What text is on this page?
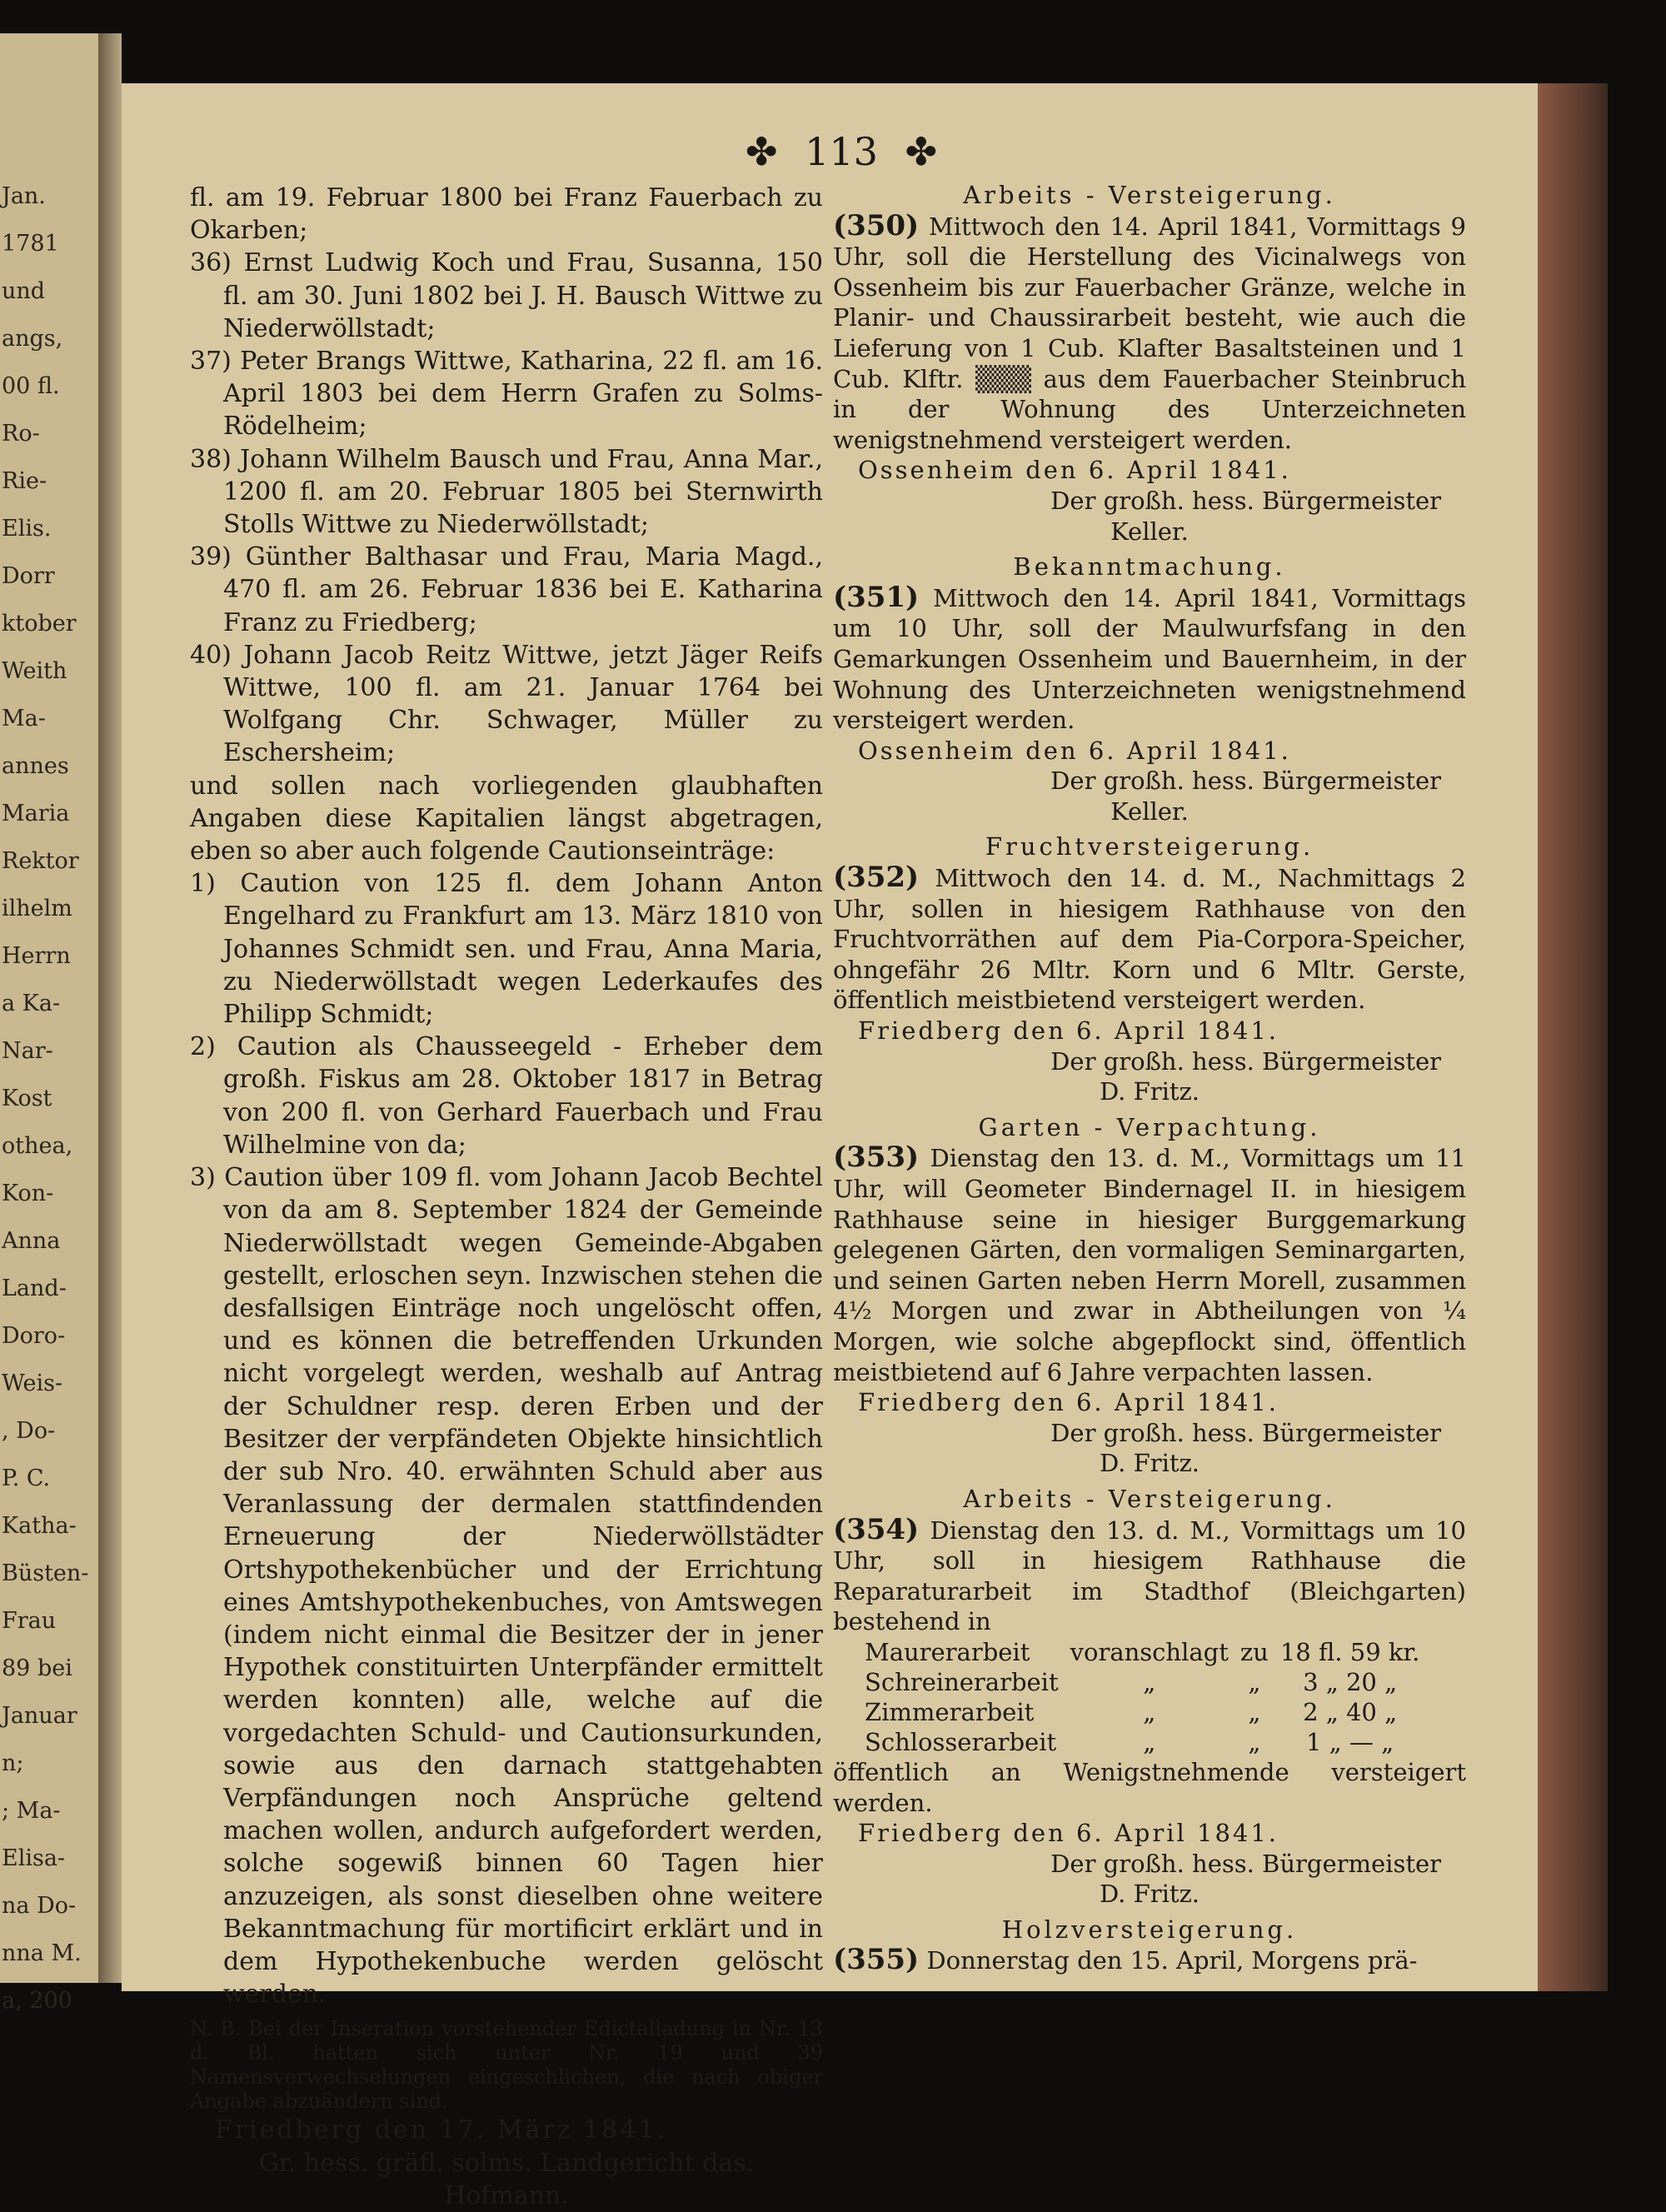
Jan.
1781
und
angs,
00 fl.
Ro-
Rie-
Elis.
Dorr
ktober
Weith
Ma-
annes
Maria
Rektor
ilhelm
Herrn
a Ka-
Nar-
Kost
othea,
Kon-
Anna
Land-
Doro-
Weis-
, Do-
P. C.
Katha-
Büsten-
Frau
89 bei
Januar
n;
; Ma-
Elisa-
na Do-
nna M.
a, 200
✤ 113 ✤

fl. am 19. Februar 1800 bei Franz Fauerbach zu Okarben;

36) Ernst Ludwig Koch und Frau, Susanna, 150 fl. am 30. Juni 1802 bei J. H. Bausch Wittwe zu Niederwöllstadt;

37) Peter Brangs Wittwe, Katharina, 22 fl. am 16. April 1803 bei dem Herrn Grafen zu Solms-Rödelheim;

38) Johann Wilhelm Bausch und Frau, Anna Mar., 1200 fl. am 20. Februar 1805 bei Sternwirth Stolls Wittwe zu Niederwöllstadt;

39) Günther Balthasar und Frau, Maria Magd., 470 fl. am 26. Februar 1836 bei E. Katharina Franz zu Friedberg;

40) Johann Jacob Reitz Wittwe, jetzt Jäger Reifs Wittwe, 100 fl. am 21. Januar 1764 bei Wolfgang Chr. Schwager, Müller zu Eschersheim;

und sollen nach vorliegenden glaubhaften Angaben diese Kapitalien längst abgetragen, eben so aber auch folgende Cautionseinträge:

1) Caution von 125 fl. dem Johann Anton Engelhard zu Frankfurt am 13. März 1810 von Johannes Schmidt sen. und Frau, Anna Maria, zu Niederwöllstadt wegen Lederkaufes des Philipp Schmidt;

2) Caution als Chausseegeld - Erheber dem großh. Fiskus am 28. Oktober 1817 in Betrag von 200 fl. von Gerhard Fauerbach und Frau Wilhelmine von da;

3) Caution über 109 fl. vom Johann Jacob Bechtel von da am 8. September 1824 der Gemeinde Niederwöllstadt wegen Gemeinde-Abgaben gestellt, erloschen seyn. Inzwischen stehen die desfallsigen Einträge noch ungelöscht offen, und es können die betreffenden Urkunden nicht vorgelegt werden, weshalb auf Antrag der Schuldner resp. deren Erben und der Besitzer der verpfändeten Objekte hinsichtlich der sub Nro. 40. erwähnten Schuld aber aus Veranlassung der dermalen stattfindenden Erneuerung der Niederwöllstädter Ortshypothekenbücher und der Errichtung eines Amtshypothekenbuches, von Amtswegen (indem nicht einmal die Besitzer der in jener Hypothek constituirten Unterpfänder ermittelt werden konnten) alle, welche auf die vorgedachten Schuld- und Cautionsurkunden, sowie aus den darnach stattgehabten Verpfändungen noch Ansprüche geltend machen wollen, andurch aufgefordert werden, solche sogewiß binnen 60 Tagen hier anzuzeigen, als sonst dieselben ohne weitere Bekanntmachung für mortificirt erklärt und in dem Hypothekenbuche werden gelöscht werden.

N. B. Bei der Inseration vorstehender Edictalladung in Nr. 13 d. Bl. hatten sich unter Nr. 19 und 39 Namensverwechselungen eingeschlichen, die nach obiger Angabe abzuändern sind.

Friedberg den 17. März 1841.

Gr. hess. gräfl. solms. Landgericht das.

Hofmann.

Arbeits - Versteigerung.

(350) Mittwoch den 14. April 1841, Vormittags 9 Uhr, soll die Herstellung des Vicinalwegs von Ossenheim bis zur Fauerbacher Gränze, welche in Planir- und Chaussirarbeit besteht, wie auch die Lieferung von 1 Cub. Klafter Basaltsteinen und 1 Cub. Klftr. ▒▒▒ aus dem Fauerbacher Steinbruch in der Wohnung des Unterzeichneten wenigstnehmend versteigert werden.

Ossenheim den 6. April 1841.

Der großh. hess. Bürgermeister

Keller.

Bekanntmachung.

(351) Mittwoch den 14. April 1841, Vormittags um 10 Uhr, soll der Maulwurfsfang in den Gemarkungen Ossenheim und Bauernheim, in der Wohnung des Unterzeichneten wenigstnehmend versteigert werden.

Ossenheim den 6. April 1841.

Der großh. hess. Bürgermeister

Keller.

Fruchtversteigerung.

(352) Mittwoch den 14. d. M., Nachmittags 2 Uhr, sollen in hiesigem Rathhause von den Fruchtvorräthen auf dem Pia-Corpora-Speicher, ohngefähr 26 Mltr. Korn und 6 Mltr. Gerste, öffentlich meistbietend versteigert werden.

Friedberg den 6. April 1841.

Der großh. hess. Bürgermeister

D. Fritz.

Garten - Verpachtung.

(353) Dienstag den 13. d. M., Vormittags um 11 Uhr, will Geometer Bindernagel II. in hiesigem Rathhause seine in hiesiger Burggemarkung gelegenen Gärten, den vormaligen Seminargarten, und seinen Garten neben Herrn Morell, zusammen 4½ Morgen und zwar in Abtheilungen von ¼ Morgen, wie solche abgepflockt sind, öffentlich meistbietend auf 6 Jahre verpachten lassen.

Friedberg den 6. April 1841.

Der großh. hess. Bürgermeister

D. Fritz.

Arbeits - Versteigerung.

(354) Dienstag den 13. d. M., Vormittags um 10 Uhr, soll in hiesigem Rathhause die Reparaturarbeit im Stadthof (Bleichgarten) bestehend in

Maurerarbeit	voranschlagt	zu	18 fl. 59 kr.
Schreinerarbeit	„	„	3 „ 20 „
Zimmerarbeit	„	„	2 „ 40 „
Schlosserarbeit	„	„	1 „ — „

öffentlich an Wenigstnehmende versteigert werden.

Friedberg den 6. April 1841.

Der großh. hess. Bürgermeister

D. Fritz.

Holzversteigerung.

(355) Donnerstag den 15. April, Morgens prä-
